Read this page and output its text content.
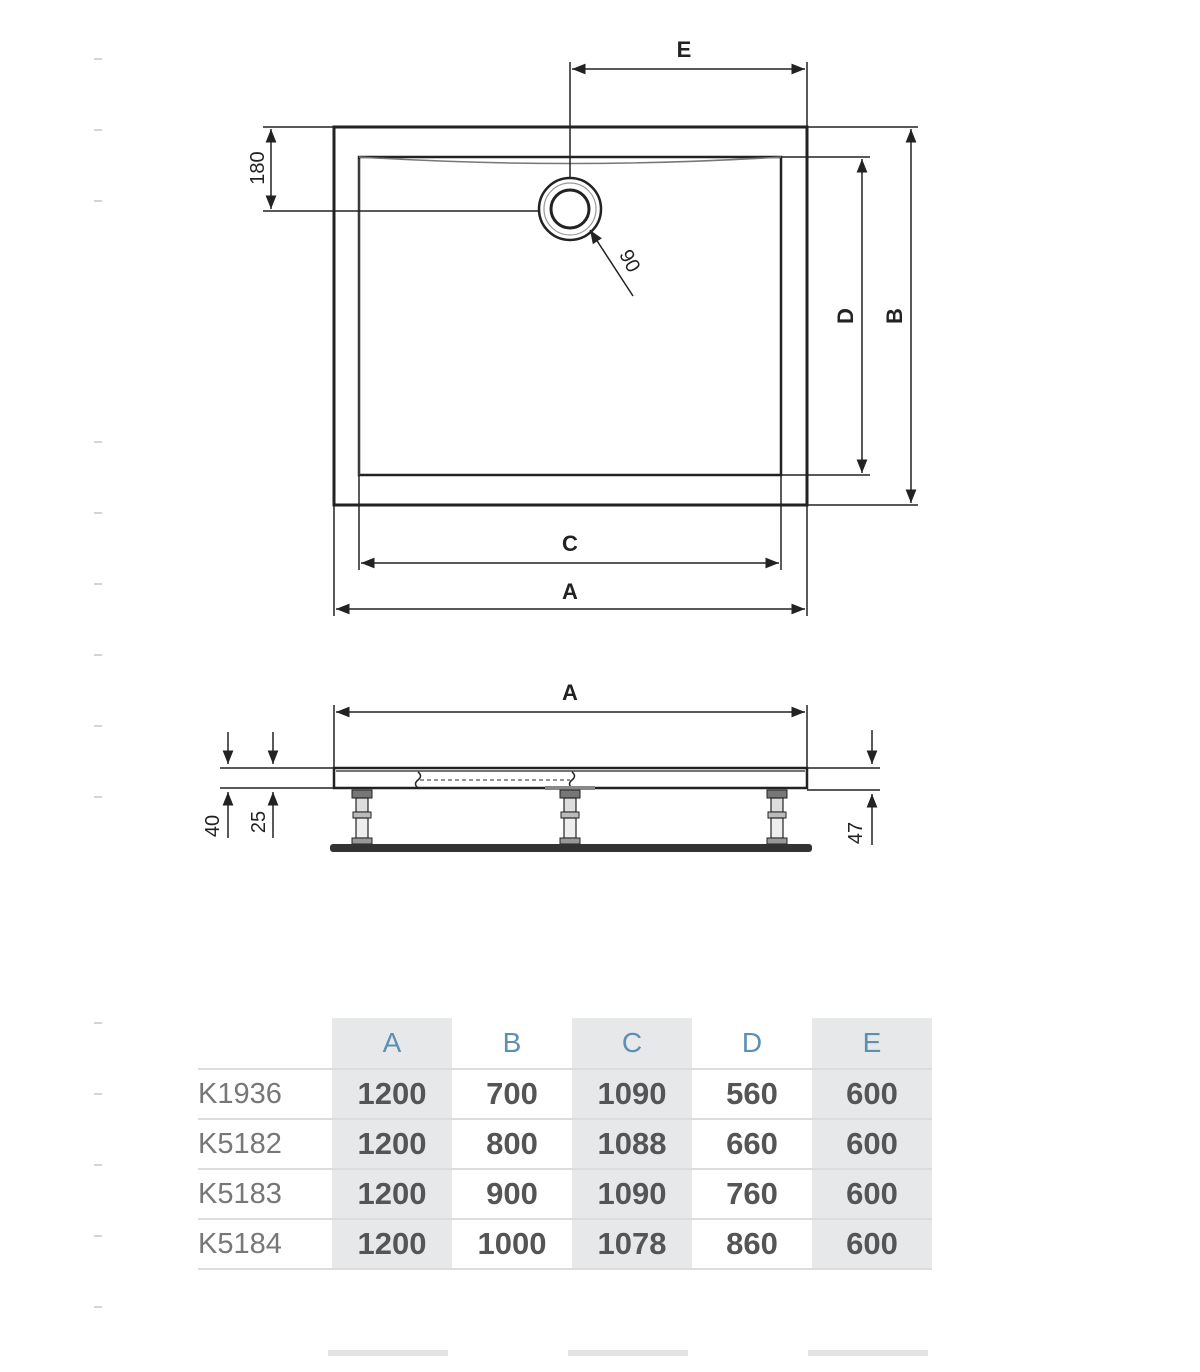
E
180
90
D B
C
A
A
40 25	47
	A	B	C	D	E
K1936	1200	700	1090	560	600
K5182	1200	800	1088	660	600
K5183	1200	900	1090	760	600
K5184	1200	1000	1078	860	600
